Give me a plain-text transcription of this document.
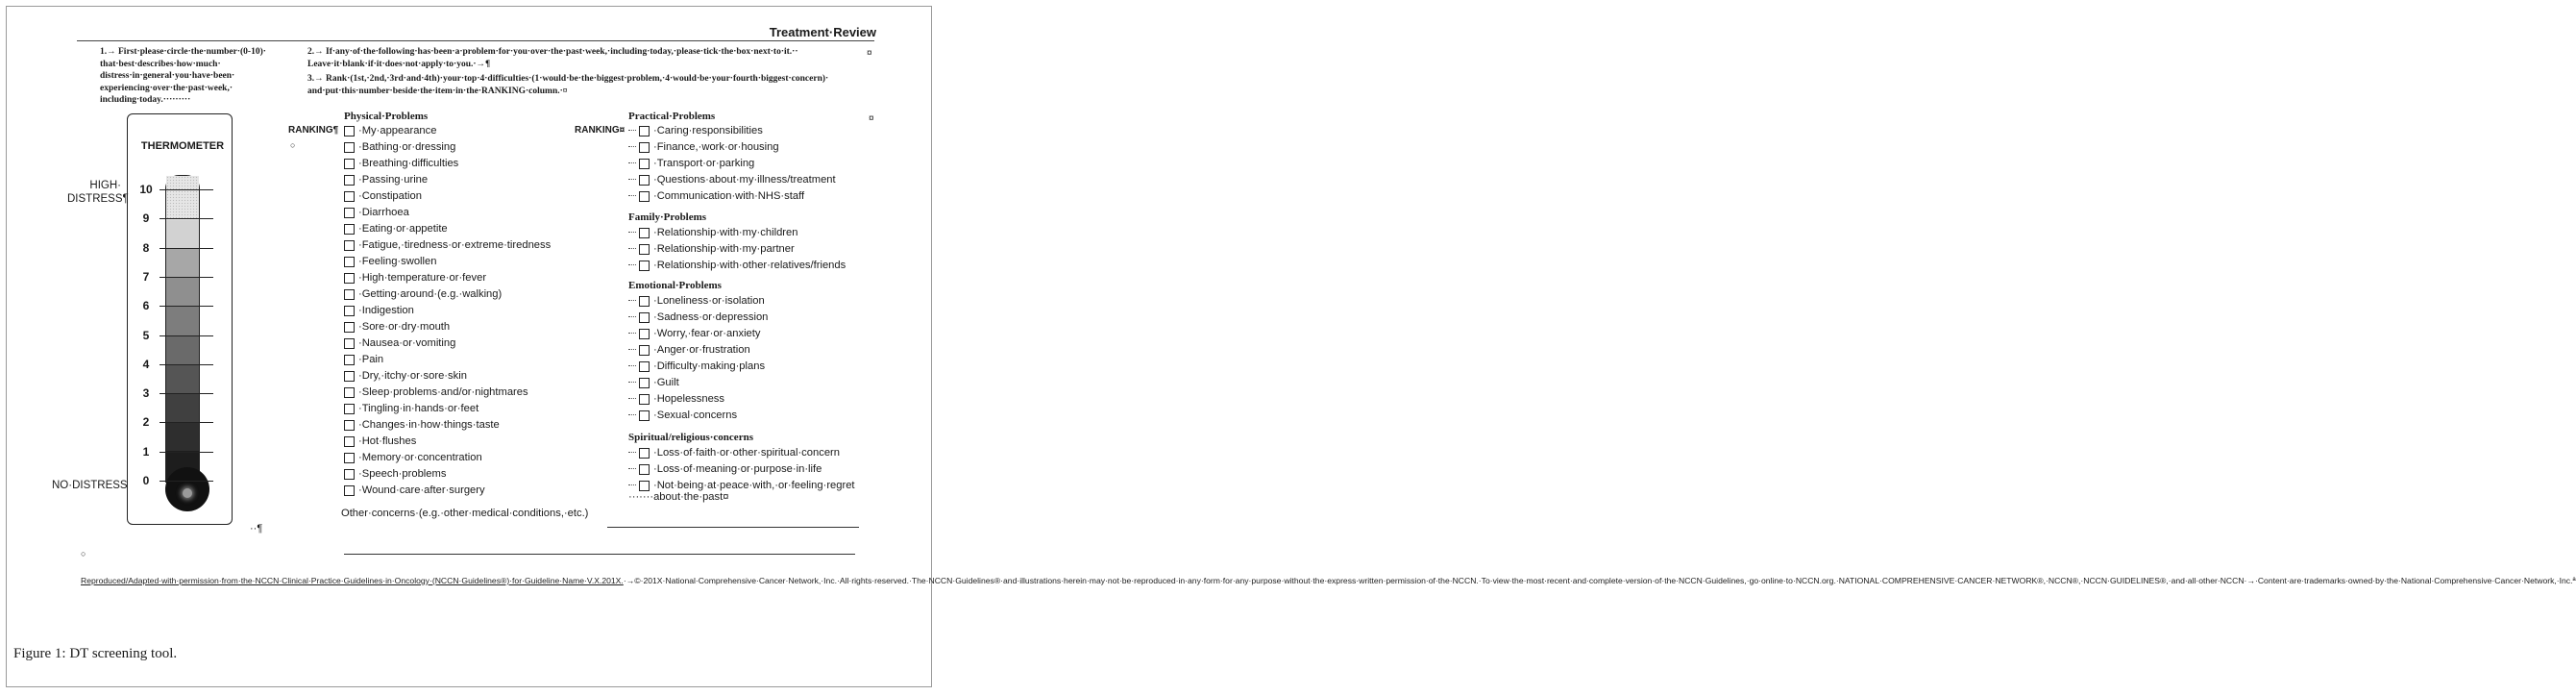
Treatment·Review
1.→ First·please·circle·the·number·(0-10)· that·best·describes·how·much· distress·in·general·you·have·been· experiencing·over·the·past·week,· including·today.·········
2.→ If·any·of·the·following·has·been·a·problem·for·you·over·the·past·week,·including·today,·please·tick·the·box·next·to·it.·· Leave·it·blank·if·it·does·not·apply·to·you.·→¶
3.→ Rank·(1st,·2nd,·3rd·and·4th)·your·top·4·difficulties·(1·would·be·the·biggest·problem,·4·would·be·your·fourth·biggest·concern)· and·put·this·number·beside·the·item·in·the·RANKING·column.·¤
¤
¤
THERMOMETER
10
9
8
7
6
5
4
3
2
1
0
HIGH·
DISTRESS¶
NO·DISTRESS
··¶
○
RANKING¶
○
RANKING¤
Physical·Problems
·My·appearance
·Bathing·or·dressing
·Breathing·difficulties
·Passing·urine
·Constipation
·Diarrhoea
·Eating·or·appetite
·Fatigue,·tiredness·or·extreme·tiredness
·Feeling·swollen
·High·temperature·or·fever
·Getting·around·(e.g.·walking)
·Indigestion
·Sore·or·dry·mouth
·Nausea·or·vomiting
·Pain
·Dry,·itchy·or·sore·skin
·Sleep·problems·and/or·nightmares
·Tingling·in·hands·or·feet
·Changes·in·how·things·taste
·Hot·flushes
·Memory·or·concentration
·Speech·problems
·Wound·care·after·surgery
Other·concerns·(e.g.·other·medical·conditions,·etc.)
Practical·Problems
·Caring·responsibilities
·Finance,·work·or·housing
·Transport·or·parking
·Questions·about·my·illness/treatment
·Communication·with·NHS·staff
Family·Problems
·Relationship·with·my·children
·Relationship·with·my·partner
·Relationship·with·other·relatives/friends
Emotional·Problems
·Loneliness·or·isolation
·Sadness·or·depression
·Worry,·fear·or·anxiety
·Anger·or·frustration
·Difficulty·making·plans
·Guilt
·Hopelessness
·Sexual·concerns
Spiritual/religious·concerns
·Loss·of·faith·or·other·spiritual·concern
·Loss·of·meaning·or·purpose·in·life
·Not·being·at·peace·with,·or·feeling·regret
·······about·the·past¤
Reproduced/Adapted·with·permission·from·the·NCCN·Clinical·Practice·Guidelines·in·Oncology·(NCCN·Guidelines®)·for·Guideline·Name·V.X.201X.·→©·201X·National·Comprehensive·Cancer·Network,·Inc.·All·rights·reserved.·The·NCCN·Guidelines®·and·illustrations·herein·may·not·be·reproduced·in·any·form·for·any·purpose·without·the·express·written·permission·of·the·NCCN.·To·view·the·most·recent·and·complete·version·of·the·NCCN·Guidelines,·go·online·to·NCCN.org.·NATIONAL·COMPREHENSIVE·CANCER·NETWORK®,·NCCN®,·NCCN·GUIDELINES®,·and·all·other·NCCN·→·Content·are·trademarks·owned·by·the·National·Comprehensive·Cancer·Network,·Inc.ª
Figure 1: DT screening tool.
